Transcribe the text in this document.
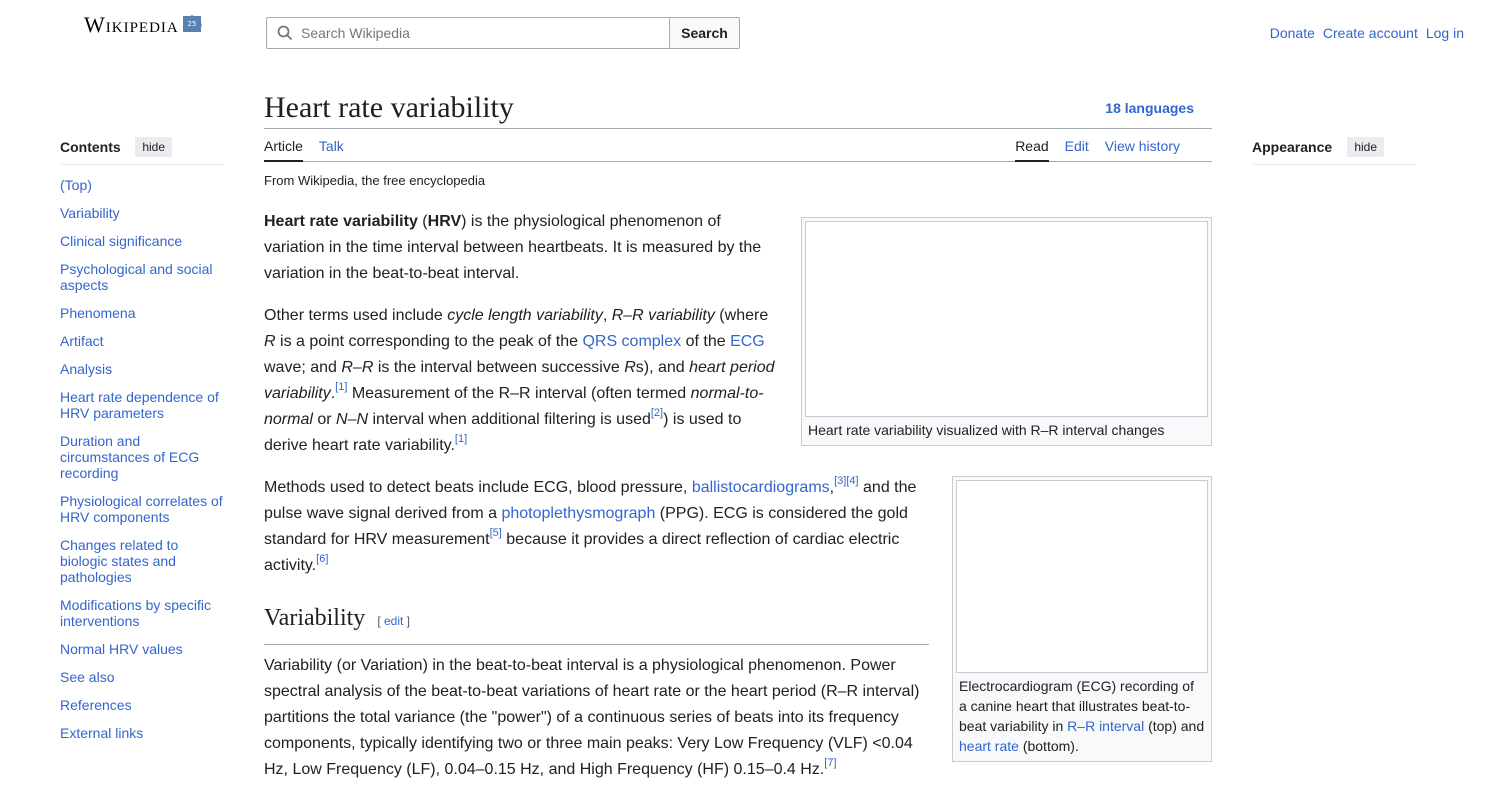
Wikipedia 25
Search Wikipedia
Search	Donate Create account Log in
Contents	hide
(Top)
Variability
Clinical significance
Psychological and social aspects
Phenomena
Artifact
Analysis
Heart rate dependence of HRV parameters
Duration and circumstances of ECG recording
Physiological correlates of HRV components
Changes related to biologic states and pathologies
Modifications by specific interventions
Normal HRV values
See also
References
External links
Appearance	hide
Heart rate variability	18 languages
Article Talk	Read Edit View history
From Wikipedia, the free encyclopedia

Heart rate variability (HRV) is the physiological phenomenon of variation in the time interval between heartbeats. It is measured by the variation in the beat-to-beat interval.

Other terms used include cycle length variability, R–R variability (where R is a point corresponding to the peak of the QRS complex of the ECG wave; and R–R is the interval between successive Rs), and heart period variability.[1] Measurement of the R–R interval (often termed normal-to-normal or N–N interval when additional filtering is used[2]) is used to derive heart rate variability.[1]

Methods used to detect beats include ECG, blood pressure, ballistocardiograms,[3][4] and the pulse wave signal derived from a photoplethysmograph (PPG). ECG is considered the gold standard for HRV measurement[5] because it provides a direct reflection of cardiac electric activity.[6]

Variability [ edit ]

Variability (or Variation) in the beat-to-beat interval is a physiological phenomenon. Power spectral analysis of the beat-to-beat variations of heart rate or the heart period (R–R interval) partitions the total variance (the "power") of a continuous series of beats into its frequency components, typically identifying two or three main peaks: Very Low Frequency (VLF) <0.04 Hz, Low Frequency (LF), 0.04–0.15 Hz, and High Frequency (HF) 0.15–0.4 Hz.[7]

Heart rate variability visualized with R–R interval changes
Electrocardiogram (ECG) recording of a canine heart that illustrates beat-to-beat variability in R–R interval (top) and heart rate (bottom).
